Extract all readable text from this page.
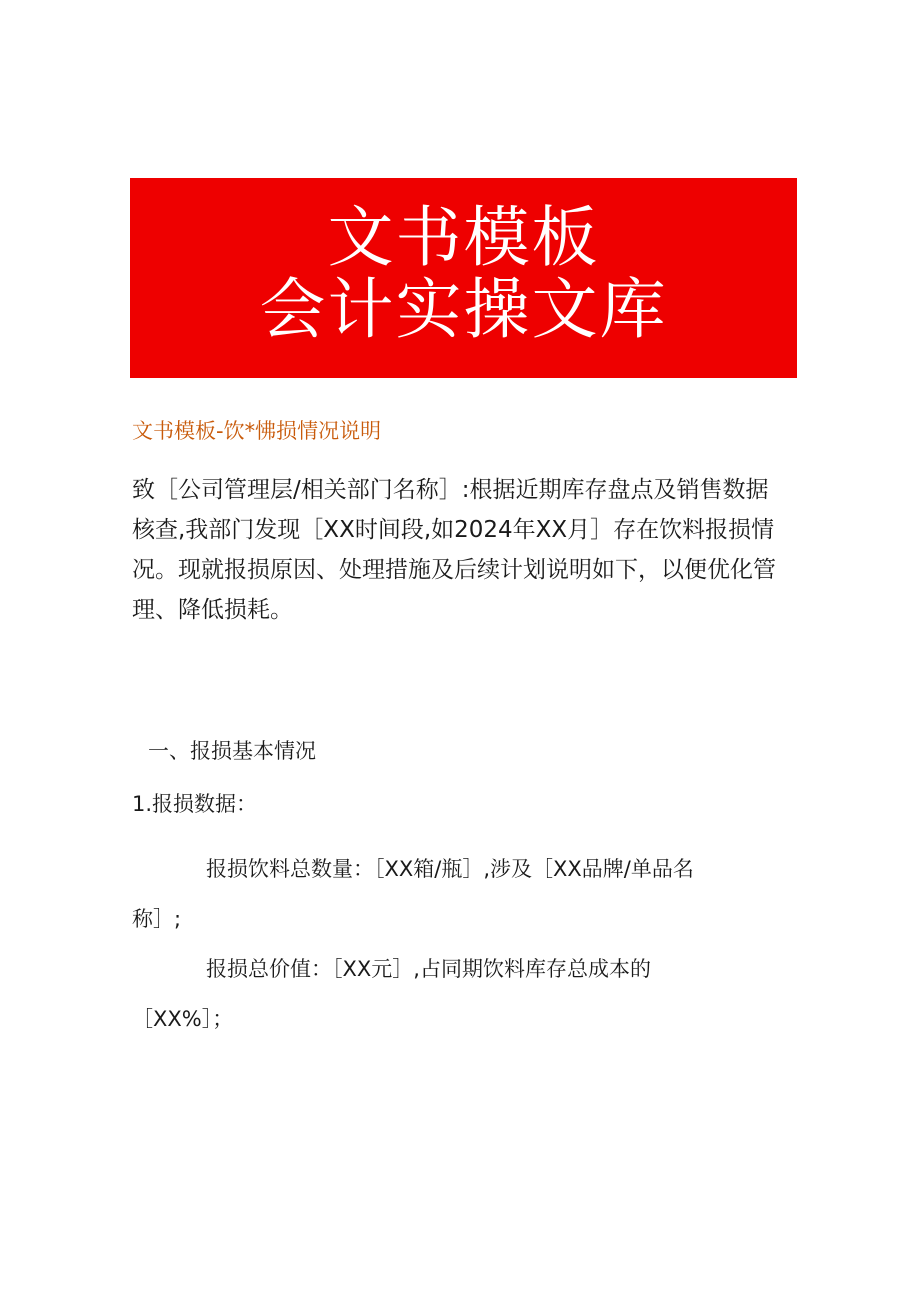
文书模板
会计实操文库
文书模板-饮*怫损情况说明
致［公司管理层/相关部门名称］:根据近期库存盘点及销售数据
核查,我部门发现［XX时间段,如2024年XX月］存在饮料报损情
况。现就报损原因、处理措施及后续计划说明如下，以便优化管
理、降低损耗。
一、报损基本情况
1.报损数据：
报损饮料总数量：［XX箱/瓶］,涉及［XX品牌/单品名
称］;
报损总价值：［XX元］,占同期饮料库存总成本的
［XX%］；
